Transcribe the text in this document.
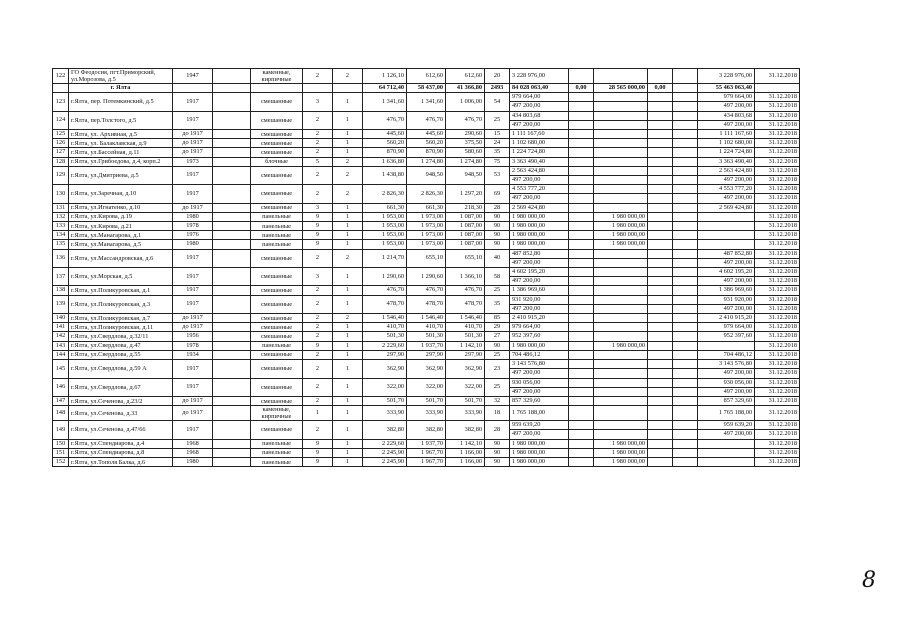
122	ГО Феодосия, пгт.Приморский, ул.Морозова, д.5	1947		каменные, кирпичные	2	2	1 126,10	612,60	612,60	20	3 228 976,00					3 228 976,00	31.12.2018
	г. Ялта						64 712,40	58 437,00	41 366,80	2493	84 028 063,40	0,00	28 565 000,00	0,00		55 463 063,40	
123	г.Ялта, пер. Потемкинский, д.5	1917		смешанные	3	1	1 341,60	1 341,60	1 006,00	54	979 664,00					979 664,00	31.12.2018
											497 200,00					497 200,00	31.12.2018
124	г.Ялта, пер.Толстого, д.5	1917		смешанные	2	1	476,70	476,70	476,70	25	434 803,68					434 803,68	31.12.2018
											497 200,00					497 200,00	31.12.2018
125	г.Ялта, ул. Архивная, д.5	до 1917		смешанные	2	1	445,60	445,60	290,60	15	1 111 167,60					1 111 167,60	31.12.2018
126	г.Ялта, ул. Балаклавская, д.9	до 1917		смешанные	2	1	560,20	560,20	375,50	24	1 102 680,00					1 102 680,00	31.12.2018
127	г.Ялта, ул.Бассейная, д.11	до 1917		смешанные	2	1	870,90	870,90	580,60	35	1 224 724,80					1 224 724,80	31.12.2018
128	г.Ялта, ул.Грибоедова, д.4, корп.2	1973		блочные	5	2	1 636,80	1 274,80	1 274,80	75	3 363 490,40					3 363 490,40	31.12.2018
129	г.Ялта, ул.Дмитриева, д.5	1917		смешанные	2	2	1 438,80	948,50	948,50	53	2 563 424,80					2 563 424,80	31.12.2018
											497 200,00					497 200,00	31.12.2018
130	г.Ялта, ул.Заречная, д.10	1917		смешанные	2	2	2 826,30	2 826,30	1 297,20	69	4 553 777,20					4 553 777,20	31.12.2018
											497 200,00					497 200,00	31.12.2018
131	г.Ялта, ул.Игнатенко, д.10	до 1917		смешанные	3	1	661,30	661,30	218,30	28	2 569 424,80					2 569 424,80	31.12.2018
132	г.Ялта, ул.Кирова, д.19	1980		панельные	9	1	1 953,00	1 973,00	1 087,00	90	1 980 000,00		1 980 000,00				31.12.2018
133	г.Ялта, ул.Кирова, д.21	1978		панельные	9	1	1 953,00	1 973,00	1 087,00	90	1 980 000,00		1 980 000,00				31.12.2018
134	г.Ялта, ул.Манагарова, д.1	1976		панельные	9	1	1 953,00	1 973,00	1 087,00	90	1 980 000,00		1 980 000,00				31.12.2018
135	г.Ялта, ул.Манагарова, д.5	1980		панельные	9	1	1 953,00	1 973,00	1 087,00	90	1 980 000,00		1 980 000,00				31.12.2018
136	г.Ялта, ул.Массандровская, д.6	1917		смешанные	2	2	1 214,70	655,10	655,10	40	487 852,80					487 852,80	31.12.2018
											497 200,00					497 200,00	31.12.2018
137	г.Ялта, ул.Морская, д.5	1917		смешанные	3	1	1 290,60	1 290,60	1 366,10	58	4 602 195,20					4 602 195,20	31.12.2018
											497 200,00					497 200,00	31.12.2018
138	г.Ялта, ул.Поликуровская, д.1	1917		смешанные	2	1	476,70	476,70	476,70	25	1 386 969,60					1 386 969,60	31.12.2018
139	г.Ялта, ул.Поликуровская, д.3	1917		смешанные	2	1	478,70	478,70	478,70	35	931 920,00					931 920,00	31.12.2018
											497 200,00					497 200,00	31.12.2018
140	г.Ялта, ул.Поликуровская, д.7	до 1917		смешанные	2	2	1 546,40	1 546,40	1 546,40	85	2 410 915,20					2 410 915,20	31.12.2018
141	г.Ялта, ул.Поликуровская, д.11	до 1917		смешанные	2	1	410,70	410,70	410,70	29	979 664,00					979 664,00	31.12.2018
142	г.Ялта, ул.Свердлова, д.32/11	1956		смешанные	2	1	501,30	501,30	501,30	27	952 397,60					952 397,60	31.12.2018
143	г.Ялта, ул.Свердлова, д.47	1978		панельные	9	1	2 229,60	1 937,70	1 142,10	90	1 980 000,00		1 980 000,00				31.12.2018
144	г.Ялта, ул.Свердлова, д.55	1934		смешанные	2	1	297,90	297,90	297,90	25	704 486,12					704 486,12	31.12.2018
145	г.Ялта, ул.Свердлова, д.59 А	1917		смешанные	2	1	362,90	362,90	362,90	23	3 143 576,80					3 143 576,80	31.12.2018
											497 200,00					497 200,00	31.12.2018
146	г.Ялта, ул.Свердлова, д.67	1917		смешанные	2	1	322,00	322,00	322,00	25	930 056,00					930 056,00	31.12.2018
											497 200,00					497 200,00	31.12.2018
147	г.Ялта, ул.Сеченова, д.23/2	до 1917		смешанные	2	1	501,70	501,70	501,70	32	857 329,60					857 329,60	31.12.2018
148	г.Ялта, ул.Сеченова, д.33	до 1917		каменные, кирпичные	1	1	333,90	333,90	333,90	18	1 765 188,00					1 765 188,00	31.12.2018
149	г.Ялта, ул.Сеченова, д.47/66	1917		смешанные	2	1	382,80	382,80	382,80	28	959 639,20					959 639,20	31.12.2018
											497 200,00					497 200,00	31.12.2018
150	г.Ялта, ул.Спендиарова, д.4	1968		панельные	9	1	2 229,60	1 937,70	1 142,10	90	1 980 000,00		1 980 000,00				31.12.2018
151	г.Ялта, ул.Спендиарова, д.8	1968		панельные	9	1	2 245,90	1 967,70	1 166,00	90	1 980 000,00		1 980 000,00				31.12.2018
152	г.Ялта, ул.Тополя Балка, д.6	1980		панельные	9	1	2 245,90	1 967,70	1 166,00	90	1 980 000,00		1 980 000,00				31.12.2018
8
